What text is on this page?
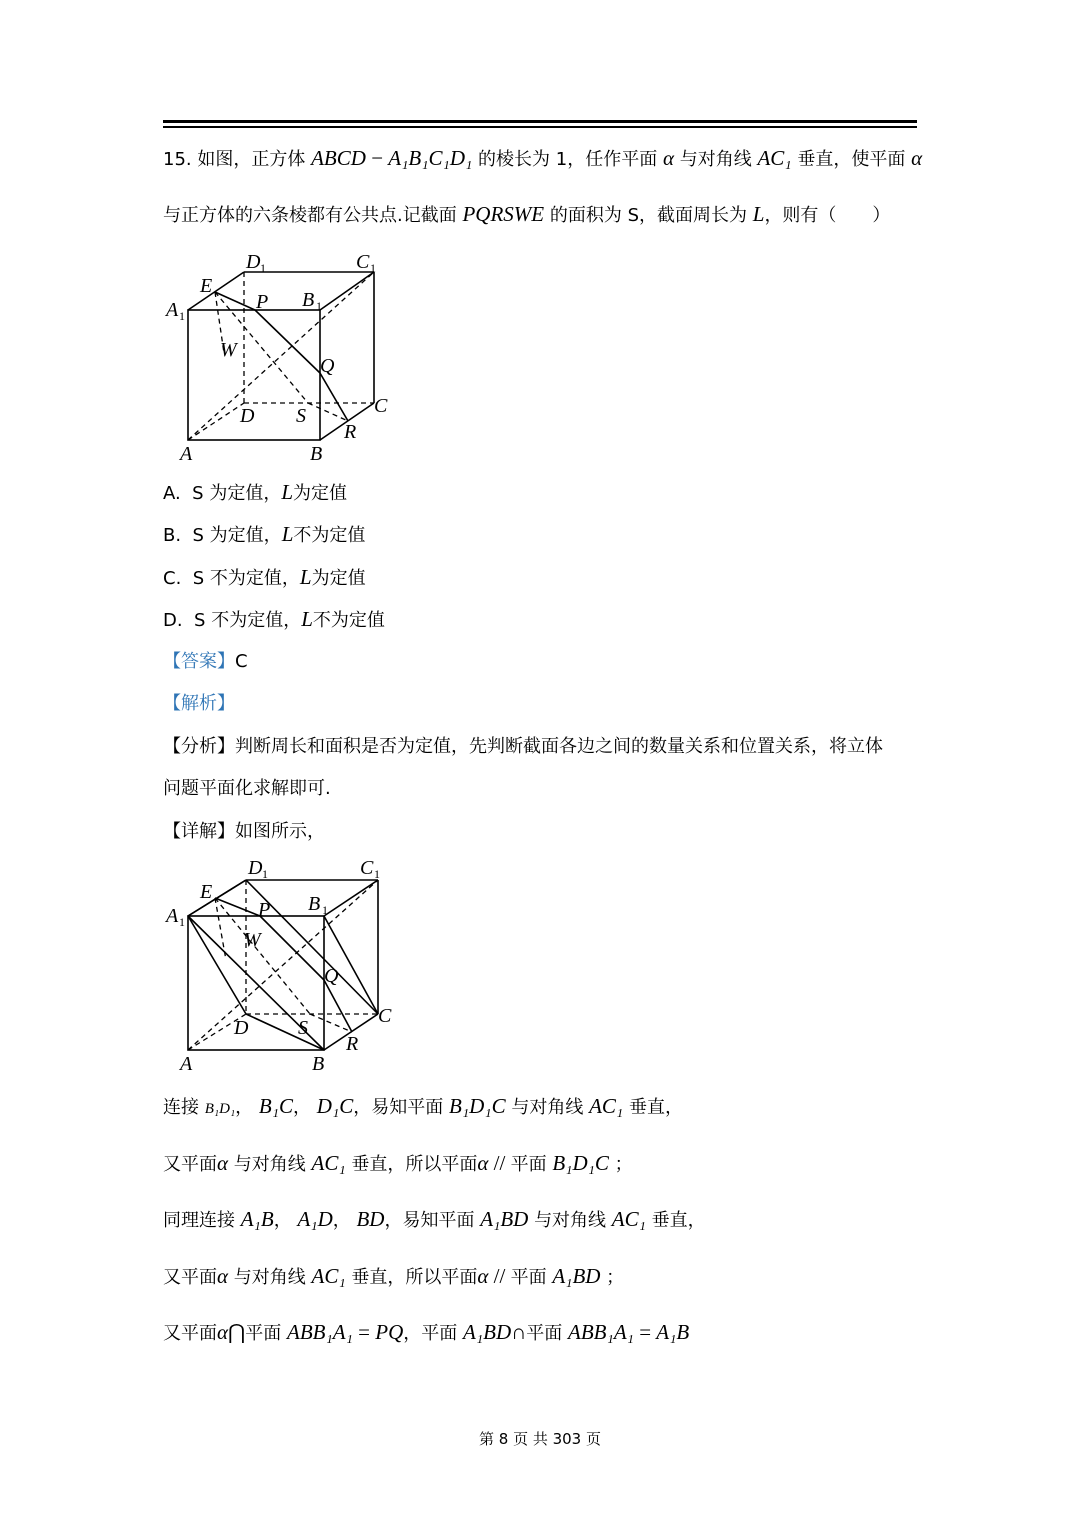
15. 如图，正方体 ABCD − A₁B₁C₁D₁ 的棱长为 1，任作平面 α 与对角线 AC₁ 垂直，使平面 α
与正方体的六条棱都有公共点.记截面 PQRSWE 的面积为 S，截面周长为 L，则有（　　）
D 1	C 1
E
P B 1
A 1
W
Q
D S	C
R
A	B
A. S 为定值，L为定值
B. S 为定值，L不为定值
C. S 不为定值，L为定值
D. S 不为定值，L不为定值
【答案】C
【解析】
【分析】判断周长和面积是否为定值，先判断截面各边之间的数量关系和位置关系，将立体
问题平面化求解即可.
【详解】如图所示，
D 1	C 1
E
P B 1
A 1
W
Q
D S
C
R
A	B
连接 B₁D₁， B₁C， D₁C，易知平面 B₁D₁C 与对角线 AC₁ 垂直，
又平面α 与对角线 AC₁ 垂直，所以平面α // 平面 B₁D₁C ；
同理连接 A₁B， A₁D， BD，易知平面 A₁BD 与对角线 AC₁ 垂直，
又平面α 与对角线 AC₁ 垂直，所以平面α // 平面 A₁BD ；
又平面α⋂平面 ABB₁A₁ = PQ，平面 A₁BD∩平面 ABB₁A₁ = A₁B
第 8 页 共 303 页
